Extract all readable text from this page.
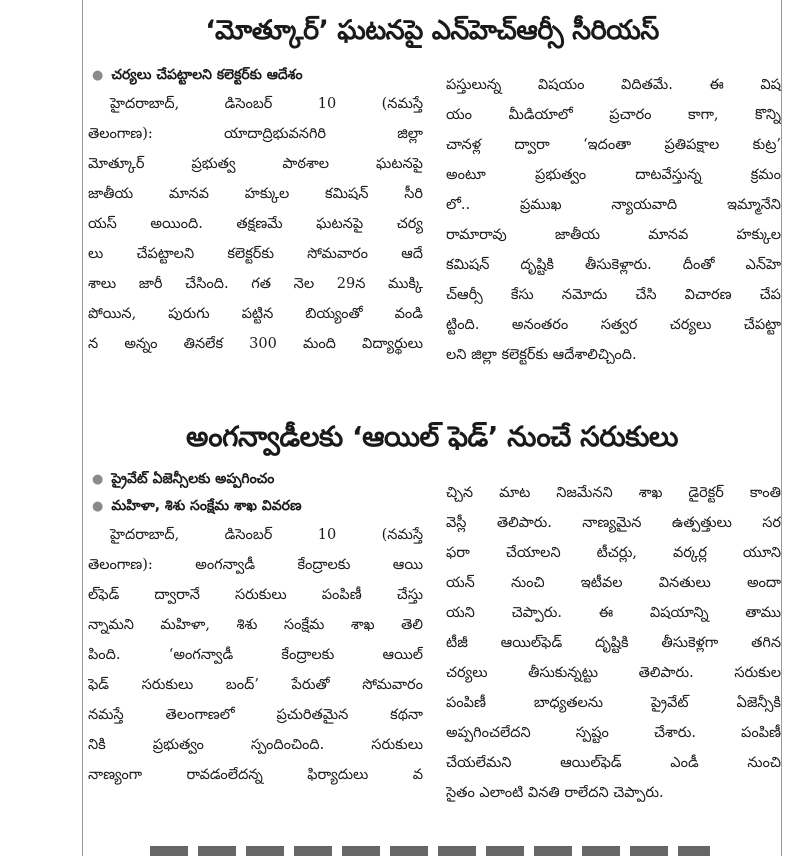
‘మోత్కూర్’ ఘటనపై ఎన్‌హెచ్‌ఆర్సీ సీరియస్
● చర్యలు చేపట్టాలని కలెక్టర్‌కు ఆదేశం
హైదరాబాద్, డిసెంబర్ 10 (నమస్తే
తెలంగాణ): యాదాద్రిభువనగిరి జిల్లా
మోత్కూర్ ప్రభుత్వ పాఠశాల ఘటనపై
జాతీయ మానవ హక్కుల కమిషన్ సీరి
యస్ అయింది. తక్షణమే ఘటనపై చర్య
లు చేపట్టాలని కలెక్టర్‌కు సోమవారం ఆదే
శాలు జారీ చేసింది. గత నెల 29న ముక్కి
పోయిన, పురుగు పట్టిన బియ్యంతో వండి
న అన్నం తినలేక 300 మంది విద్యార్థులు
పస్తులున్న విషయం విదితమే. ఈ విష
యం మీడియాలో ప్రచారం కాగా, కొన్ని
చానళ్ల ద్వారా ‘ఇదంతా ప్రతిపక్షాల కుట్ర’
అంటూ ప్రభుత్వం దాటవేస్తున్న క్రమం
లో.. ప్రముఖ న్యాయవాది ఇమ్మానేని
రామారావు జాతీయ మానవ హక్కుల
కమిషన్ దృష్టికి తీసుకెళ్లారు. దీంతో ఎన్‌హె
చ్‌ఆర్సీ కేసు నమోదు చేసి విచారణ చేప
ట్టింది. అనంతరం సత్వర చర్యలు చేపట్టా
లని జిల్లా కలెక్టర్‌కు ఆదేశాలిచ్చింది.
అంగన్వాడీలకు ‘ఆయిల్ ఫెడ్’ నుంచే సరుకులు
● ప్రైవేట్ ఏజెన్సీలకు అప్పగించం
● మహిళా, శిశు సంక్షేమ శాఖ వివరణ
హైదరాబాద్, డిసెంబర్ 10 (నమస్తే
తెలంగాణ): అంగన్వాడీ కేంద్రాలకు ఆయి
ల్‌ఫెడ్ ద్వారానే సరుకులు పంపిణీ చేస్తు
న్నామని మహిళా, శిశు సంక్షేమ శాఖ తెలి
పింది. ‘అంగన్వాడీ కేంద్రాలకు ఆయిల్
ఫెడ్ సరుకులు బంద్’ పేరుతో సోమవారం
నమస్తే తెలంగాణలో ప్రచురితమైన కథనా
నికి ప్రభుత్వం స్పందించింది. సరుకులు
నాణ్యంగా రావడంలేదన్న ఫిర్యాదులు వ
చ్చిన మాట నిజమేనని శాఖ డైరెక్టర్ కాంతి
వెస్లీ తెలిపారు. నాణ్యమైన ఉత్పత్తులు సర
ఫరా చేయాలని టీచర్లు, వర్కర్ల యూని
యన్ నుంచి ఇటీవల వినతులు అందా
యని చెప్పారు. ఈ విషయాన్ని తాము
టీజీ ఆయిల్‌ఫెడ్ దృష్టికి తీసుకెళ్లగా తగిన
చర్యలు తీసుకున్నట్టు తెలిపారు. సరుకుల
పంపిణీ బాధ్యతలను ప్రైవేట్ ఏజెన్సీకి
అప్పగించలేదని స్పష్టం చేశారు. పంపిణీ
చేయలేమని ఆయిల్‌ఫెడ్ ఎండీ నుంచి
సైతం ఎలాంటి వినతి రాలేదని చెప్పారు.
